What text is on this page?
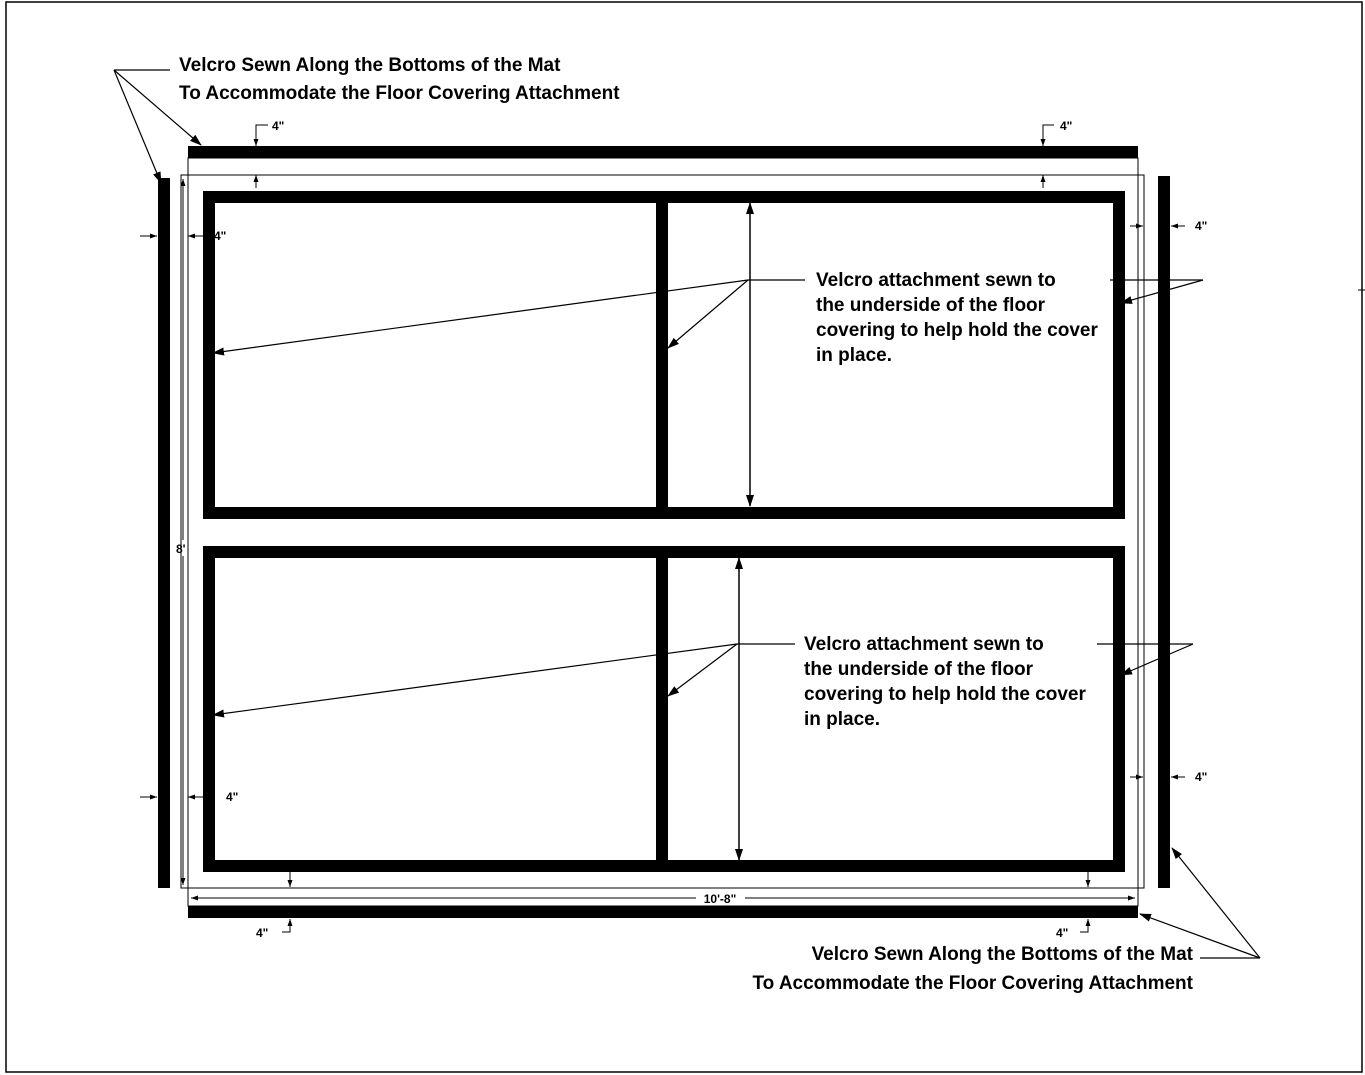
Velcro Sewn Along the Bottoms of the Mat
To Accommodate the Floor Covering Attachment
Velcro attachment sewn to
the underside of the floor
covering to help hold the cover
in place.
Velcro attachment sewn to
the underside of the floor
covering to help hold the cover
in place.
Velcro Sewn Along the Bottoms of the Mat
To Accommodate the Floor Covering Attachment
4"	4"
4"
4"
4"
4"
4"	4"
8'
10'-8"
